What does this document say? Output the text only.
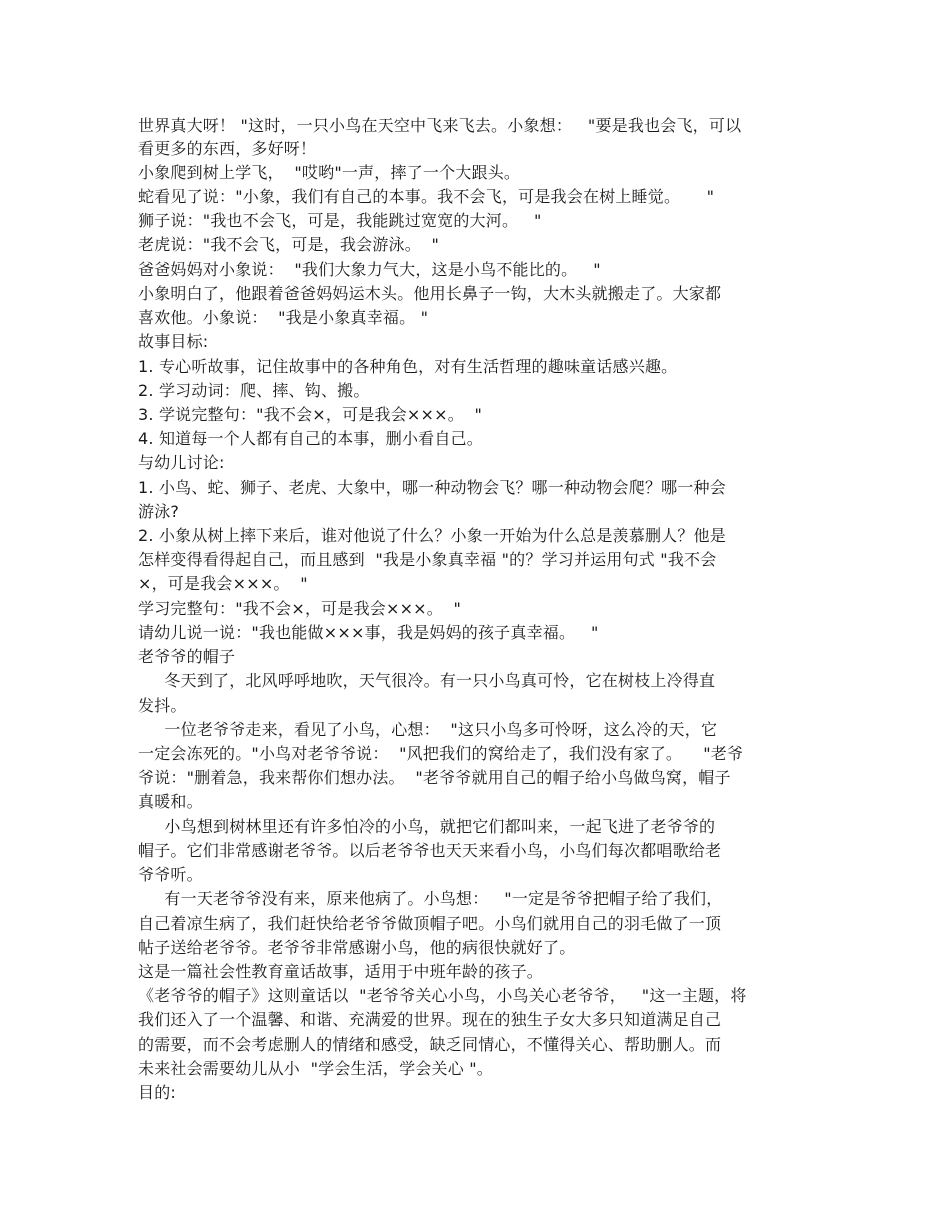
世界真大呀！ "这时，一只小鸟在天空中飞来飞去。小象想：   "要是我也会飞，可以
看更多的东西，多好呀！
小象爬到树上学飞，  "哎哟"一声，摔了一个大跟头。
蛇看见了说："小象，我们有自己的本事。我不会飞，可是我会在树上睡觉。     "
狮子说："我也不会飞，可是，我能跳过宽宽的大河。   "
老虎说："我不会飞，可是，我会游泳。  "
爸爸妈妈对小象说：  "我们大象力气大，这是小鸟不能比的。   "
小象明白了，他跟着爸爸妈妈运木头。他用长鼻子一钩，大木头就搬走了。大家都
喜欢他。小象说：  "我是小象真幸福。 "
故事目标:
1. 专心听故事，记住故事中的各种角色，对有生活哲理的趣味童话感兴趣。
2. 学习动词：爬、摔、钩、搬。
3. 学说完整句："我不会×，可是我会×××。  "
4. 知道每一个人都有自己的本事，删小看自己。
与幼儿讨论:
1. 小鸟、蛇、狮子、老虎、大象中，哪一种动物会飞？哪一种动物会爬？哪一种会
游泳?
2. 小象从树上摔下来后，谁对他说了什么？小象一开始为什么总是羡慕删人？他是
怎样变得看得起自己，而且感到  "我是小象真幸福 "的？学习并运用句式 "我不会
×，可是我会×××。  "
学习完整句："我不会×，可是我会×××。  "
请幼儿说一说："我也能做×××事，我是妈妈的孩子真幸福。   "
老爷爷的帽子
冬天到了，北风呼呼地吹，天气很冷。有一只小鸟真可怜，它在树枝上冷得直
发抖。
一位老爷爷走来，看见了小鸟，心想：  "这只小鸟多可怜呀，这么冷的天，它
一定会冻死的。"小鸟对老爷爷说：  "风把我们的窝给走了，我们没有家了。    "老爷
爷说："删着急，我来帮你们想办法。  "老爷爷就用自己的帽子给小鸟做鸟窝，帽子
真暖和。
小鸟想到树林里还有许多怕冷的小鸟，就把它们都叫来，一起飞进了老爷爷的
帽子。它们非常感谢老爷爷。以后老爷爷也天天来看小鸟，小鸟们每次都唱歌给老
爷爷听。
有一天老爷爷没有来，原来他病了。小鸟想：   "一定是爷爷把帽子给了我们，
自己着凉生病了，我们赶快给老爷爷做顶帽子吧。小鸟们就用自己的羽毛做了一顶
帖子送给老爷爷。老爷爷非常感谢小鸟，他的病很快就好了。
这是一篇社会性教育童话故事，适用于中班年龄的孩子。
《老爷爷的帽子》这则童话以  "老爷爷关心小鸟，小鸟关心老爷爷，   "这一主题，将
我们还入了一个温馨、和谐、充满爱的世界。现在的独生子女大多只知道满足自己
的需要，而不会考虑删人的情绪和感受，缺乏同情心，不懂得关心、帮助删人。而
未来社会需要幼儿从小  "学会生活，学会关心 "。
目的:
